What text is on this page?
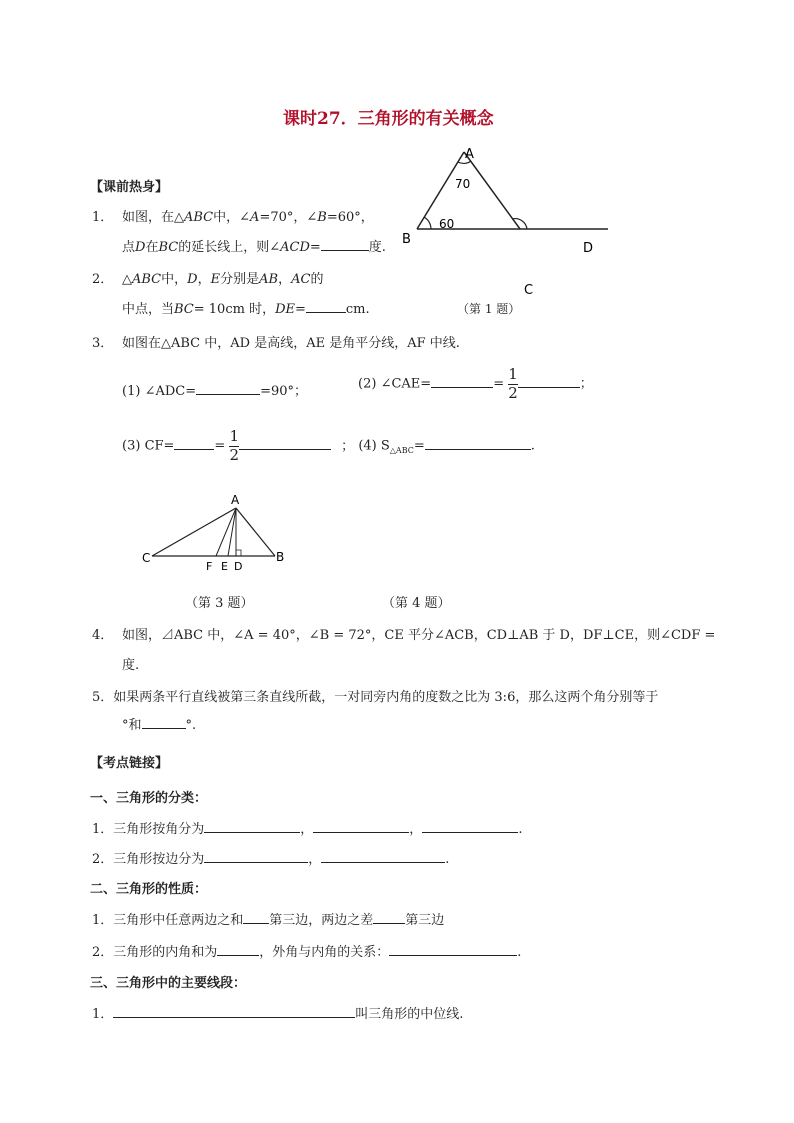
课时27．三角形的有关概念
A
70
60
B
D
C
【课前热身】
1． 如图，在△ABC中，∠A=70°，∠B=60°，
点D在BC的延长线上，则∠ACD=	度.
2． △ABC中，D，E分别是AB，AC的
中点，当BC= 10cm 时，DE=	cm.	（第 1 题）
3． 如图在△ABC 中，AD 是高线，AE 是角平分线，AF 中线.
(1) ∠ADC=	=90°；	(2) ∠CAE=	= $\frac{1}{2}$	；
(3) CF=	= $\frac{1}{2}$	； (4) $S_{\triangle ABC}=$	.
A
C	B
F E D
（第 3 题）	（第 4 题）
4． 如图，⊿ABC 中，∠A = 40°，∠B = 72°，CE 平分∠ACB，CD⊥AB 于 D，DF⊥CE，则∠CDF =
度.
5．如果两条平行直线被第三条直线所截，一对同旁内角的度数之比为 3:6，那么这两个角分别等于
°和	°.
【考点链接】
一、三角形的分类：
1．三角形按角分为	，	，	.
2．三角形按边分为	，	.
二、三角形的性质：
1．三角形中任意两边之和 第三边，两边之差 第三边
2．三角形的内角和为	，外角与内角的关系：	.
三、三角形中的主要线段：
1．	叫三角形的中位线.
